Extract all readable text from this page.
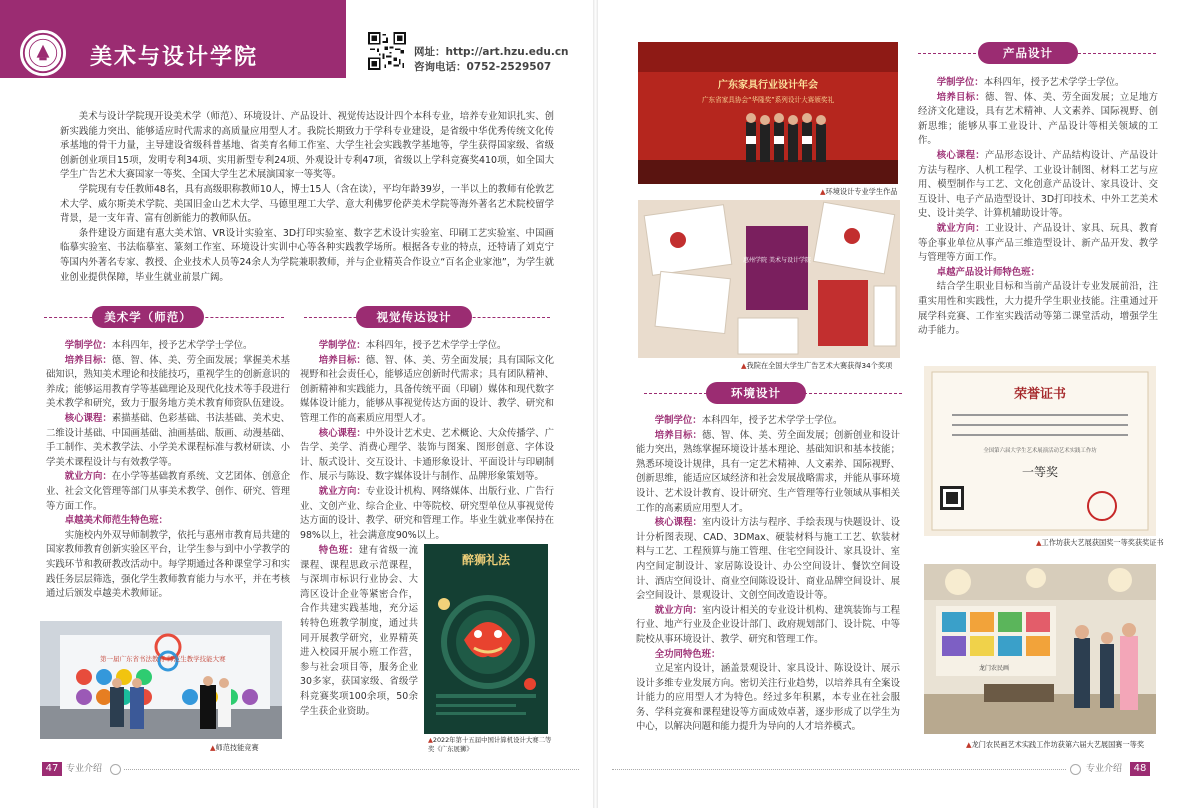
美术与设计学院	网址：http://art.hzu.edu.cn
咨询电话：0752-2529507

美术与设计学院现开设美术学（师范）、环境设计、产品设计、视觉传达设计四个本科专业，培养专业知识扎实、创新实践能力突出、能够适应时代需求的高质量应用型人才。我院长期致力于学科专业建设，是省级中华优秀传统文化传承基地的骨干力量，主导建设省级科普基地、省美育名师工作室、大学生社会实践教学基地等，学生获得国家级、省级创新创业项目15项，发明专利34项、实用新型专利24项、外观设计专利47项，省级以上学科竞赛奖410项，如全国大学生广告艺术大赛国家一等奖、全国大学生艺术展演国家一等奖等。

学院现有专任教师48名，具有高级职称教师10人，博士15人（含在读），平均年龄39岁，一半以上的教师有伦敦艺术大学、威尔斯美术学院、美国旧金山艺术大学、马德里理工大学、意大利佛罗伦萨美术学院等海外著名艺术院校留学背景，是一支年青、富有创新能力的教师队伍。

条件建设方面建有惠大美术馆、VR设计实验室、3D打印实验室、数字艺术设计实验室、印刷工艺实验室、中国画临摹实验室、书法临摹室、篆刻工作室、环境设计实训中心等各种实践教学场所。根据各专业的特点，还特请了刘克宁等国内外著名专家、教授、企业技术人员等24余人为学院兼职教师，并与企业精英合作设立“百名企业家池”，为学生就业创业提供保障，毕业生就业前景广阔。

美术学（师范）

学制学位：本科四年，授予艺术学学士学位。

培养目标：德、智、体、美、劳全面发展；掌握美术基础知识，熟知美术理论和技能技巧，重视学生的创新意识的养成；能够运用教育学等基础理论及现代化技术等手段进行美术教学和研究，致力于服务地方美术教育师资队伍建设。

核心课程：素描基础、色彩基础、书法基础、美术史、二维设计基础、中国画基础、油画基础、版画、动漫基础、手工制作、美术教学法、小学美术课程标准与教材研读、小学美术课程设计与有效教学等。

就业方向：在小学等基础教育系统、文艺团体、创意企业、社会文化管理等部门从事美术教学、创作、研究、管理等方面工作。

卓越美术师范生特色班：

实施校内外双导师制教学，依托与惠州市教育局共建的国家教师教育创新实验区平台，让学生参与到中小学教学的实践环节和教研教改活动中。每学期通过各种课堂学习和实践任务层层筛选，强化学生教师教育能力与水平，并在考核通过后颁发卓越美术教师证。

第一届广东省书法教育 师范生教学技能大赛
▲师范技能竞赛
视觉传达设计

学制学位：本科四年，授予艺术学学士学位。

培养目标：德、智、体、美、劳全面发展；具有国际文化视野和社会责任心，能够适应创新时代需求；具有团队精神、创新精神和实践能力，具备传统平面（印刷）媒体和现代数字媒体设计能力，能够从事视觉传达方面的设计、教学、研究和管理工作的高素质应用型人才。

核心课程：中外设计艺术史、艺术概论、大众传播学、广告学、美学、消费心理学、装饰与图案、图形创意、字体设计、版式设计、交互设计、卡通形象设计、平面设计与印刷制作、展示与陈设、数字媒体设计与制作、品牌形象策划等。

就业方向：专业设计机构、网络媒体、出版行业、广告行业、文创产业、综合企业、中等院校、研究型单位从事视觉传达方面的设计、教学、研究和管理工作。毕业生就业率保持在98%以上，社会满意度90%以上。

特色班：建有省级一流课程、课程思政示范课程，与深圳市标识行业协会、大湾区设计企业等紧密合作，合作共建实践基地，充分运转特色班教学制度，通过共同开展教学研究，业界精英进入校园开展小班工作营，参与社会项目等，服务企业30多家，获国家级、省级学科竞赛奖项100余项，50余学生获企业资助。

醉狮礼法
▲2022年第十五届中国计算机设计大赛二等奖《广东展狮》
47 专业介绍
广东家具行业设计年会
广东省家具协会“华隆奖”系列设计大赛颁奖礼
▲环境设计专业学生作品
惠州学院 美术与设计学院
▲我院在全国大学生广告艺术大赛获得34个奖项
环境设计

学制学位：本科四年，授予艺术学学士学位。

培养目标：德、智、体、美、劳全面发展；创新创业和设计能力突出，熟练掌握环境设计基本理论、基础知识和基本技能；熟悉环境设计规律，具有一定艺术精神、人文素养、国际视野、创新思维，能适应区域经济和社会发展战略需求，并能从事环境设计、艺术设计教育、设计研究、生产管理等行业领域从事相关工作的高素质应用型人才。

核心课程：室内设计方法与程序、手绘表现与快题设计、设计分析图表现、CAD、3DMax、硬装材料与施工工艺、软装材料与工艺、工程预算与施工管理、住宅空间设计、家具设计、室内空间定制设计、家居陈设设计、办公空间设计、餐饮空间设计、酒店空间设计、商业空间陈设设计、商业品牌空间设计、展会空间设计、景观设计、文创空间改造设计等。

就业方向：室内设计相关的专业设计机构、建筑装饰与工程行业、地产行业及企业设计部门、政府规划部门、设计院、中等院校从事环境设计、教学、研究和管理工作。

全功同特色班：

立足室内设计，涵盖景观设计、家具设计、陈设设计、展示设计多维专业发展方向。密切关注行业趋势，以培养具有全案设计能力的应用型人才为特色。经过多年积累，本专业在社会服务、学科竞赛和课程建设等方面成效卓著，逐步形成了以学生为中心，以解决问题和能力提升为导向的人才培养模式。

产品设计

学制学位：本科四年，授予艺术学学士学位。

培养目标：德、智、体、美、劳全面发展；立足地方经济文化建设，具有艺术精神、人文素养、国际视野、创新思维；能够从事工业设计、产品设计等相关领域的工作。

核心课程：产品形态设计、产品结构设计、产品设计方法与程序、人机工程学、工业设计制图、材料工艺与应用、模型制作与工艺、文化创意产品设计、家具设计、交互设计、电子产品造型设计、3D打印技术、中外工艺美术史、设计美学、计算机辅助设计等。

就业方向：工业设计、产品设计、家具、玩具、教育等企事业单位从事产品三维造型设计、新产品开发、教学与管理等方面工作。

卓越产品设计师特色班：

结合学生职业目标和当前产品设计专业发展前沿，注重实用性和实践性，大力提升学生职业技能。注重通过开展学科竞赛、工作室实践活动等第二课堂活动，增强学生动手能力。

荣誉证书
全国第六届大学生艺术展演活动艺术实践工作坊
一等奖
▲工作坊获大艺展获国奖一等奖获奖证书
龙门农民画
▲龙门农民画艺术实践工作坊获第六届大艺展国赛一等奖
专业介绍	48
